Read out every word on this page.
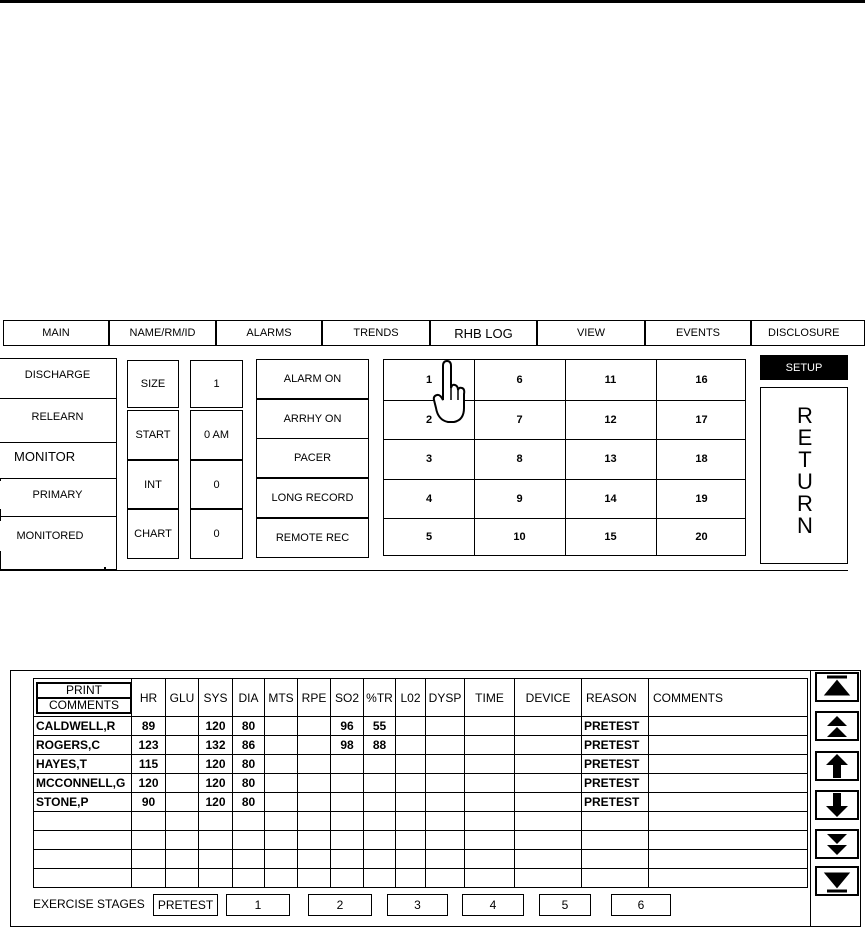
MAIN	NAME/RM/ID	ALARMS	TRENDS	RHB LOG	VIEW	EVENTS	DISCLOSURE
DISCHARGE
RELEARN
MONITOR
PRIMARY
MONITORED
SIZE	1
START	0 AM
INT	0
CHART	0
ALARM ON
ARRHY ON
PACER
LONG RECORD
REMOTE REC
1	6	11	16
2	7	12	17
3	8	13	18
4	9	14	19
5	10	15	20
SETUP
R
E
T
U
R
N
PRINT
COMMENTS	HR	GLU	SYS	DIA	MTS	RPE	SO2	%TR	L02	DYSP	TIME	DEVICE	REASON	COMMENTS
CALDWELL,R	89		120	80			96	55					PRETEST	
ROGERS,C	123		132	86			98	88					PRETEST	
HAYES,T	115		120	80									PRETEST	
MCCONNELL,G	120		120	80									PRETEST	
STONE,P	90		120	80									PRETEST	

EXERCISE STAGES	PRETEST	1	2	3	4	5	6
